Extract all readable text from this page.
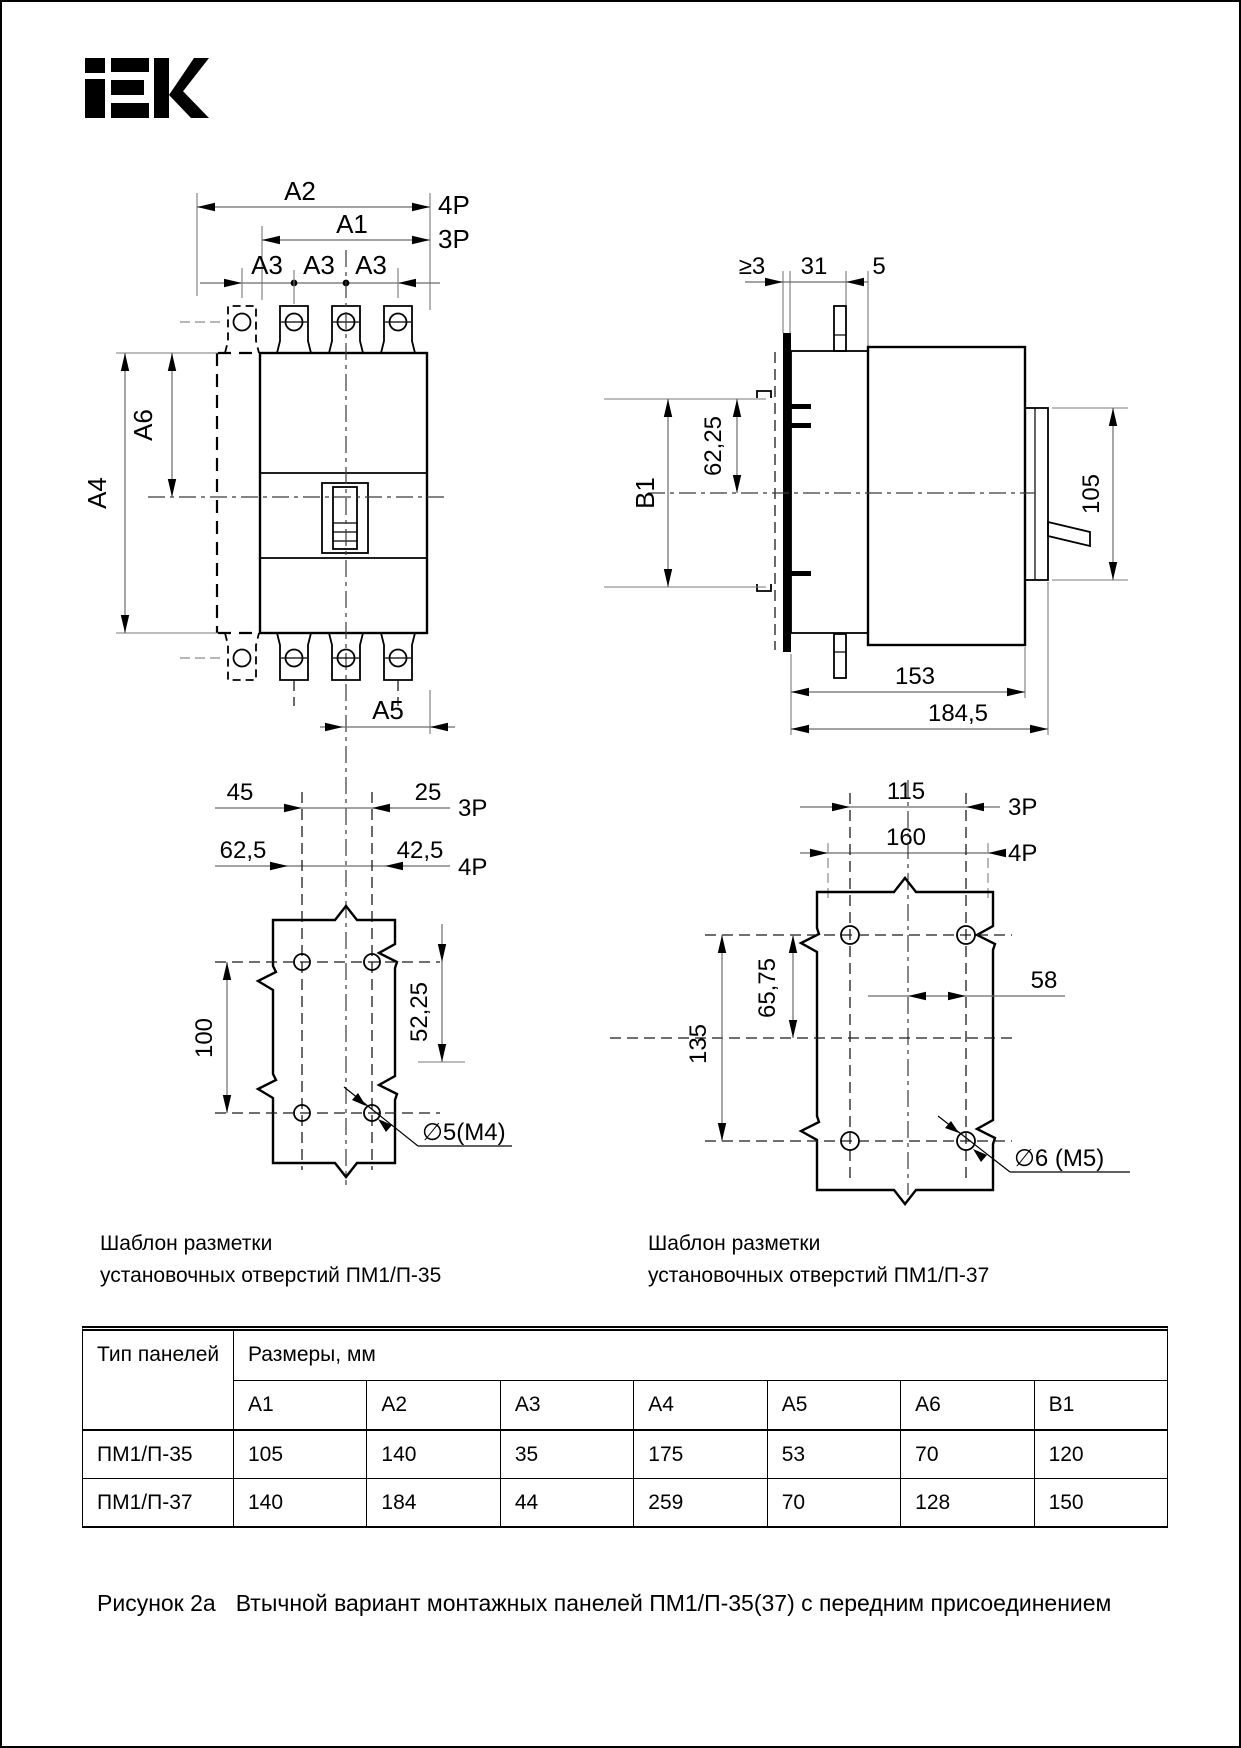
A2	4P
A1	3P
A3 A3 A3
A4
A6
A5
≥3 31 5
B1
62,25
105
153
184,5
45	25
3P
62,5	42,5
4P
100	52,25
∅5(M4)
115
3P
160
4P
135
65,75	58
∅6 (M5)
Шаблон разметки
установочных отверстий ПМ1/П-35
Шаблон разметки
установочных отверстий ПМ1/П-37
Тип панелей	Размеры, мм
A1	A2	A3	A4	A5	A6	B1
ПМ1/П-35	105	140	35	175	53	70	120
ПМ1/П-37	140	184	44	259	70	128	150
Рисунок 2а Втычной вариант монтажных панелей ПМ1/П-35(37) с передним присоединением
